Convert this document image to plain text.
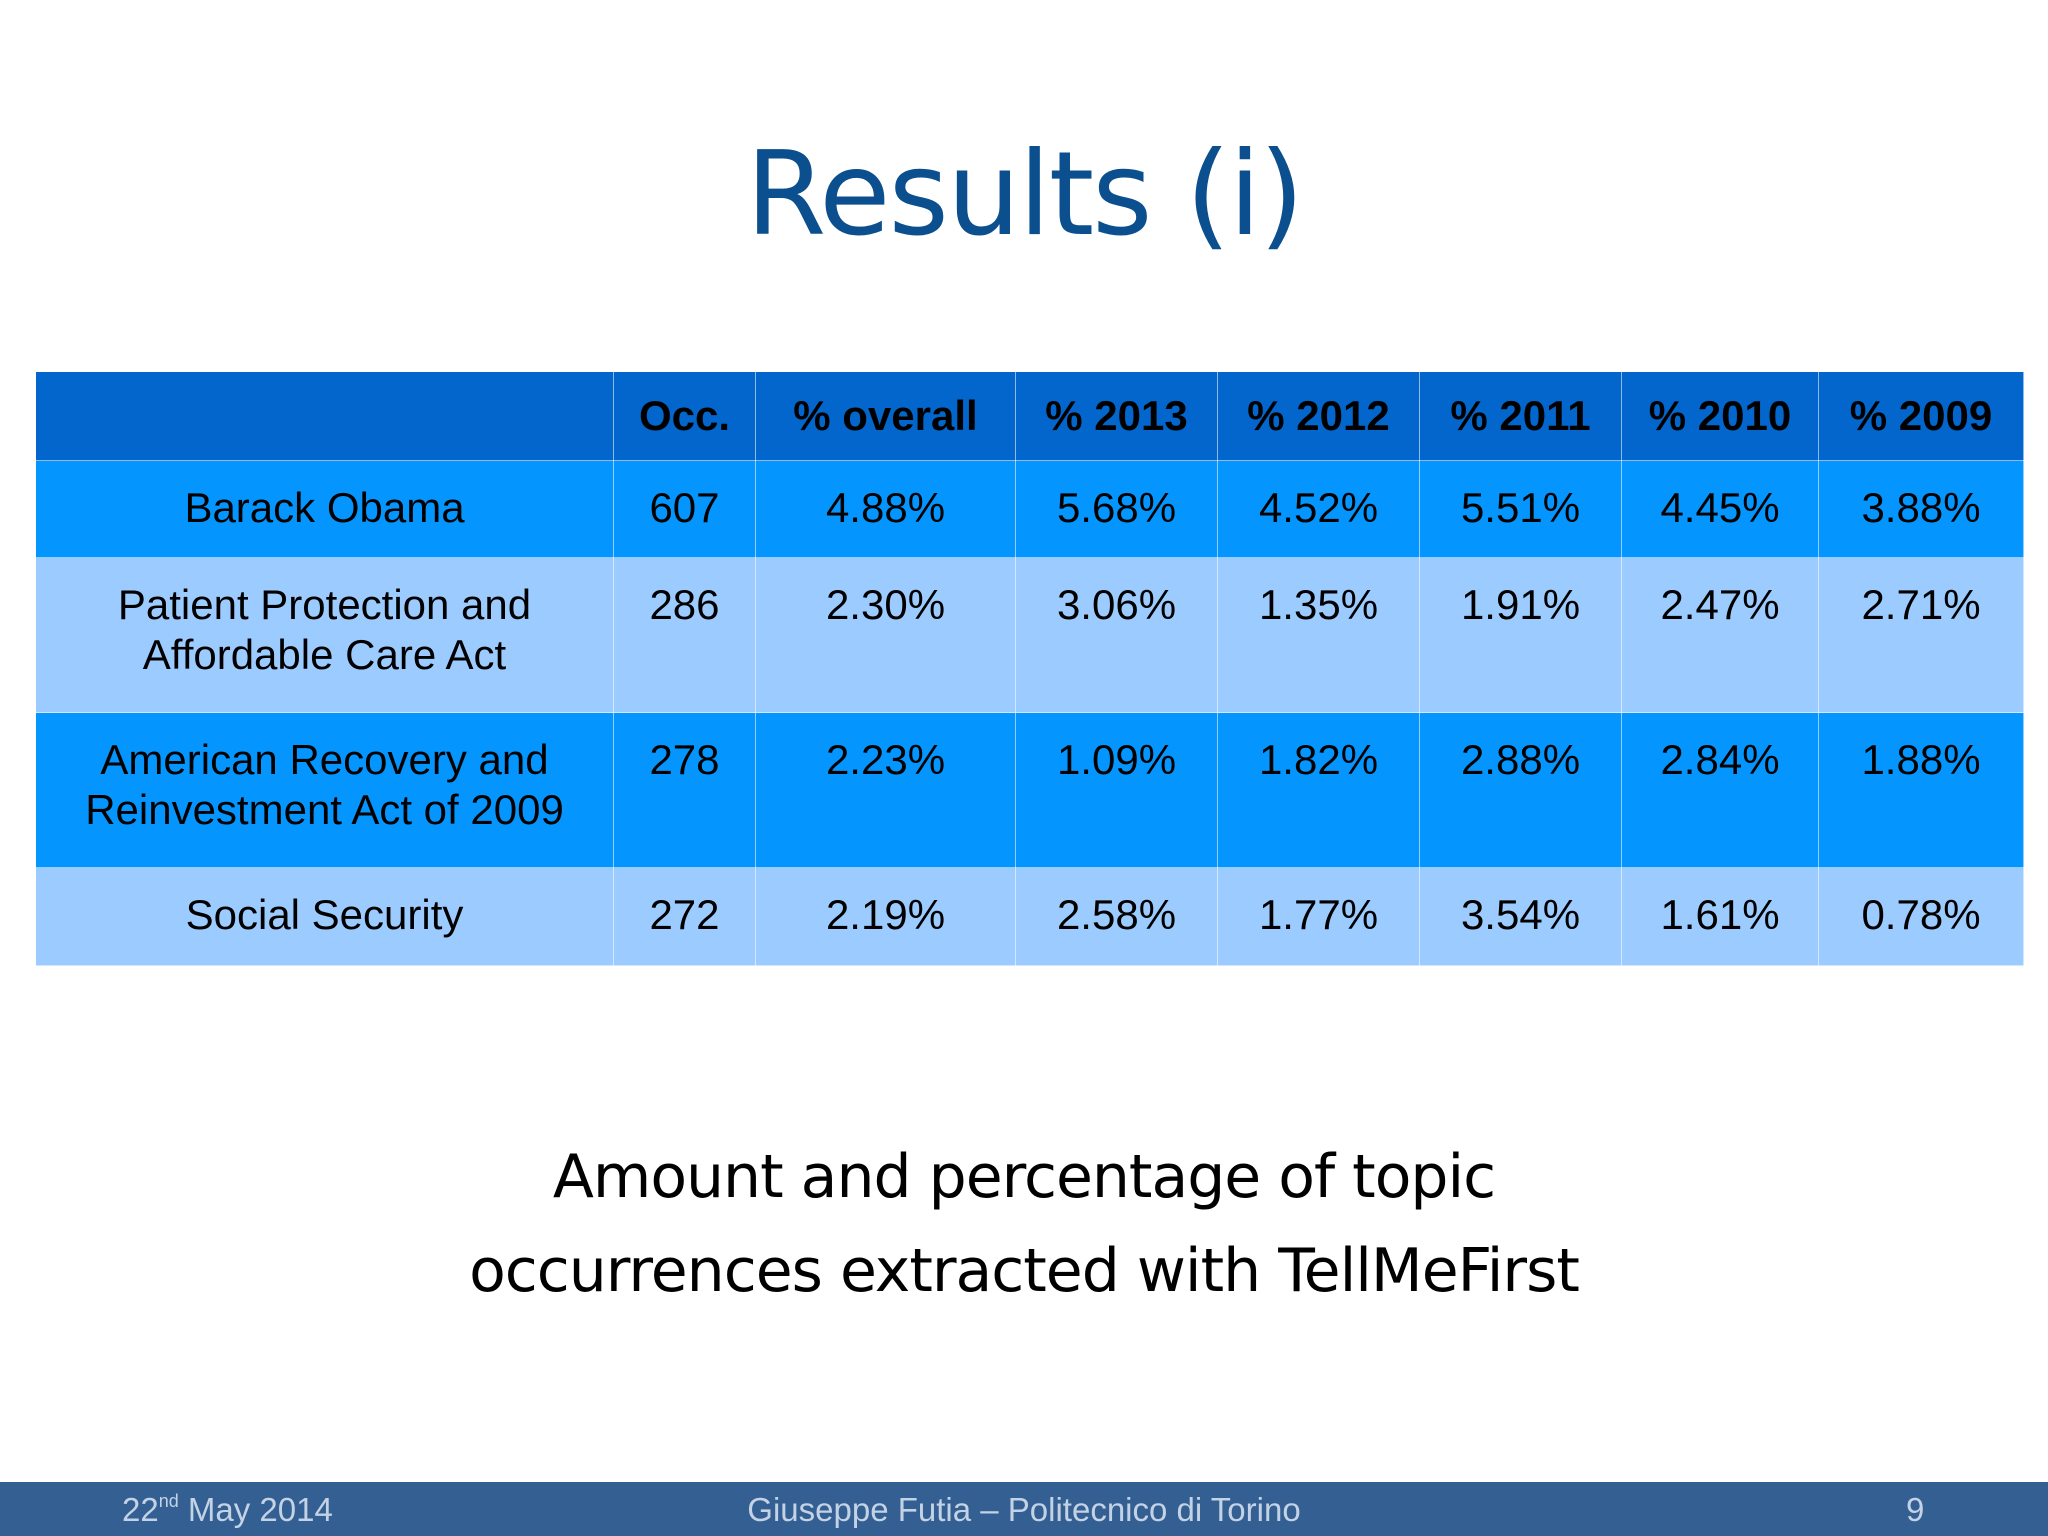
Results (i)
	Occ.	% overall	% 2013	% 2012	% 2011	% 2010	% 2009
Barack Obama	607	4.88%	5.68%	4.52%	5.51%	4.45%	3.88%
Patient Protection and
Affordable Care Act	286	2.30%	3.06%	1.35%	1.91%	2.47%	2.71%
American Recovery and
Reinvestment Act of 2009	278	2.23%	1.09%	1.82%	2.88%	2.84%	1.88%
Social Security	272	2.19%	2.58%	1.77%	3.54%	1.61%	0.78%

Amount and percentage of topic
occurrences extracted with TellMeFirst

22nd May 2014	Giuseppe Futia – Politecnico di Torino	9
